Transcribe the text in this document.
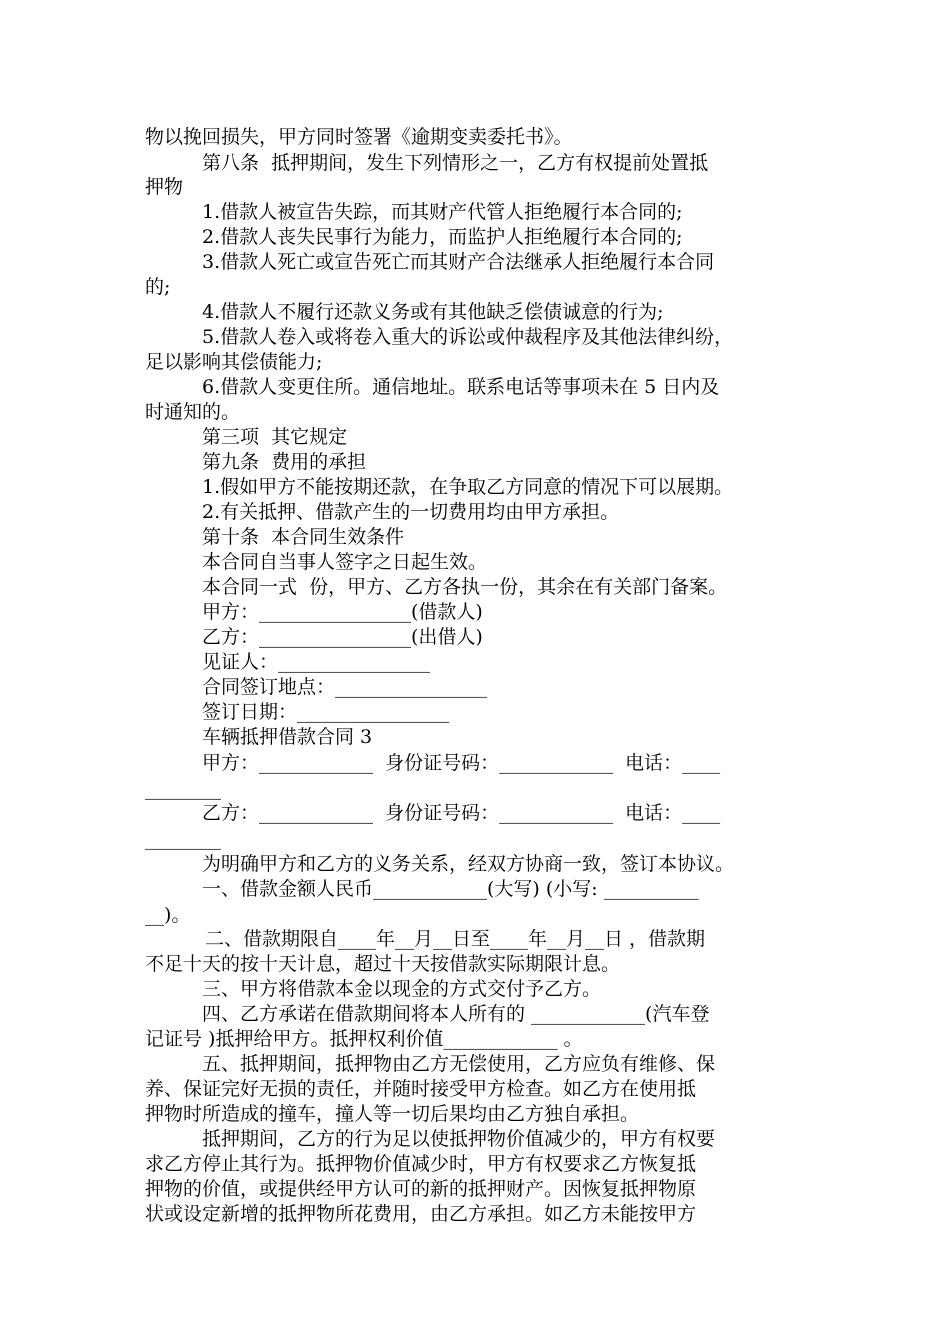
物以挽回损失，甲方同时签署《逾期变卖委托书》。
第八条  抵押期间，发生下列情形之一，乙方有权提前处置抵
押物
1.借款人被宣告失踪，而其财产代管人拒绝履行本合同的;
2.借款人丧失民事行为能力，而监护人拒绝履行本合同的;
3.借款人死亡或宣告死亡而其财产合法继承人拒绝履行本合同
的;
4.借款人不履行还款义务或有其他缺乏偿债诚意的行为;
5.借款人卷入或将卷入重大的诉讼或仲裁程序及其他法律纠纷，
足以影响其偿债能力;
6.借款人变更住所。通信地址。联系电话等事项未在 5 日内及
时通知的。
第三项  其它规定
第九条  费用的承担
1.假如甲方不能按期还款，在争取乙方同意的情况下可以展期。
2.有关抵押、借款产生的一切费用均由甲方承担。
第十条  本合同生效条件
本合同自当事人签字之日起生效。
本合同一式  份，甲方、乙方各执一份，其余在有关部门备案。
甲方：________________(借款人)
乙方：________________(出借人)
见证人：________________
合同签订地点：________________
签订日期：________________
车辆抵押借款合同 3
甲方：____________  身份证号码：____________  电话：____
________
乙方：____________  身份证号码：____________  电话：____
________
为明确甲方和乙方的义务关系，经双方协商一致，签订本协议。
一、借款金额人民币____________(大写) (小写: __________
__)。
二、借款期限自____年__月__日至____年__月__日 ，借款期
不足十天的按十天计息，超过十天按借款实际期限计息。
三、甲方将借款本金以现金的方式交付予乙方。
四、乙方承诺在借款期间将本人所有的 ____________(汽车登
记证号 )抵押给甲方。抵押权利价值____________ 。
五、抵押期间，抵押物由乙方无偿使用，乙方应负有维修、保
养、保证完好无损的责任，并随时接受甲方检查。如乙方在使用抵
押物时所造成的撞车，撞人等一切后果均由乙方独自承担。
抵押期间，乙方的行为足以使抵押物价值减少的，甲方有权要
求乙方停止其行为。抵押物价值减少时，甲方有权要求乙方恢复抵
押物的价值，或提供经甲方认可的新的抵押财产。因恢复抵押物原
状或设定新增的抵押物所花费用，由乙方承担。如乙方未能按甲方
